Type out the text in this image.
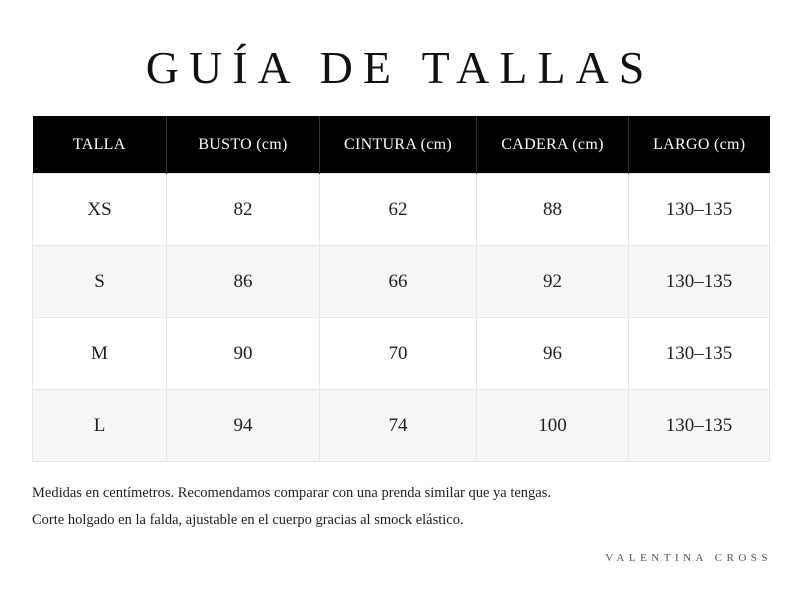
GUÍA DE TALLAS
TALLA	BUSTO (cm)	CINTURA (cm)	CADERA (cm)	LARGO (cm)
XS	82	62	88	130–135
S	86	66	92	130–135
M	90	70	96	130–135
L	94	74	100	130–135

Medidas en centímetros. Recomendamos comparar con una prenda similar que ya tengas.

Corte holgado en la falda, ajustable en el cuerpo gracias al smock elástico.

VALENTINA CROSS
